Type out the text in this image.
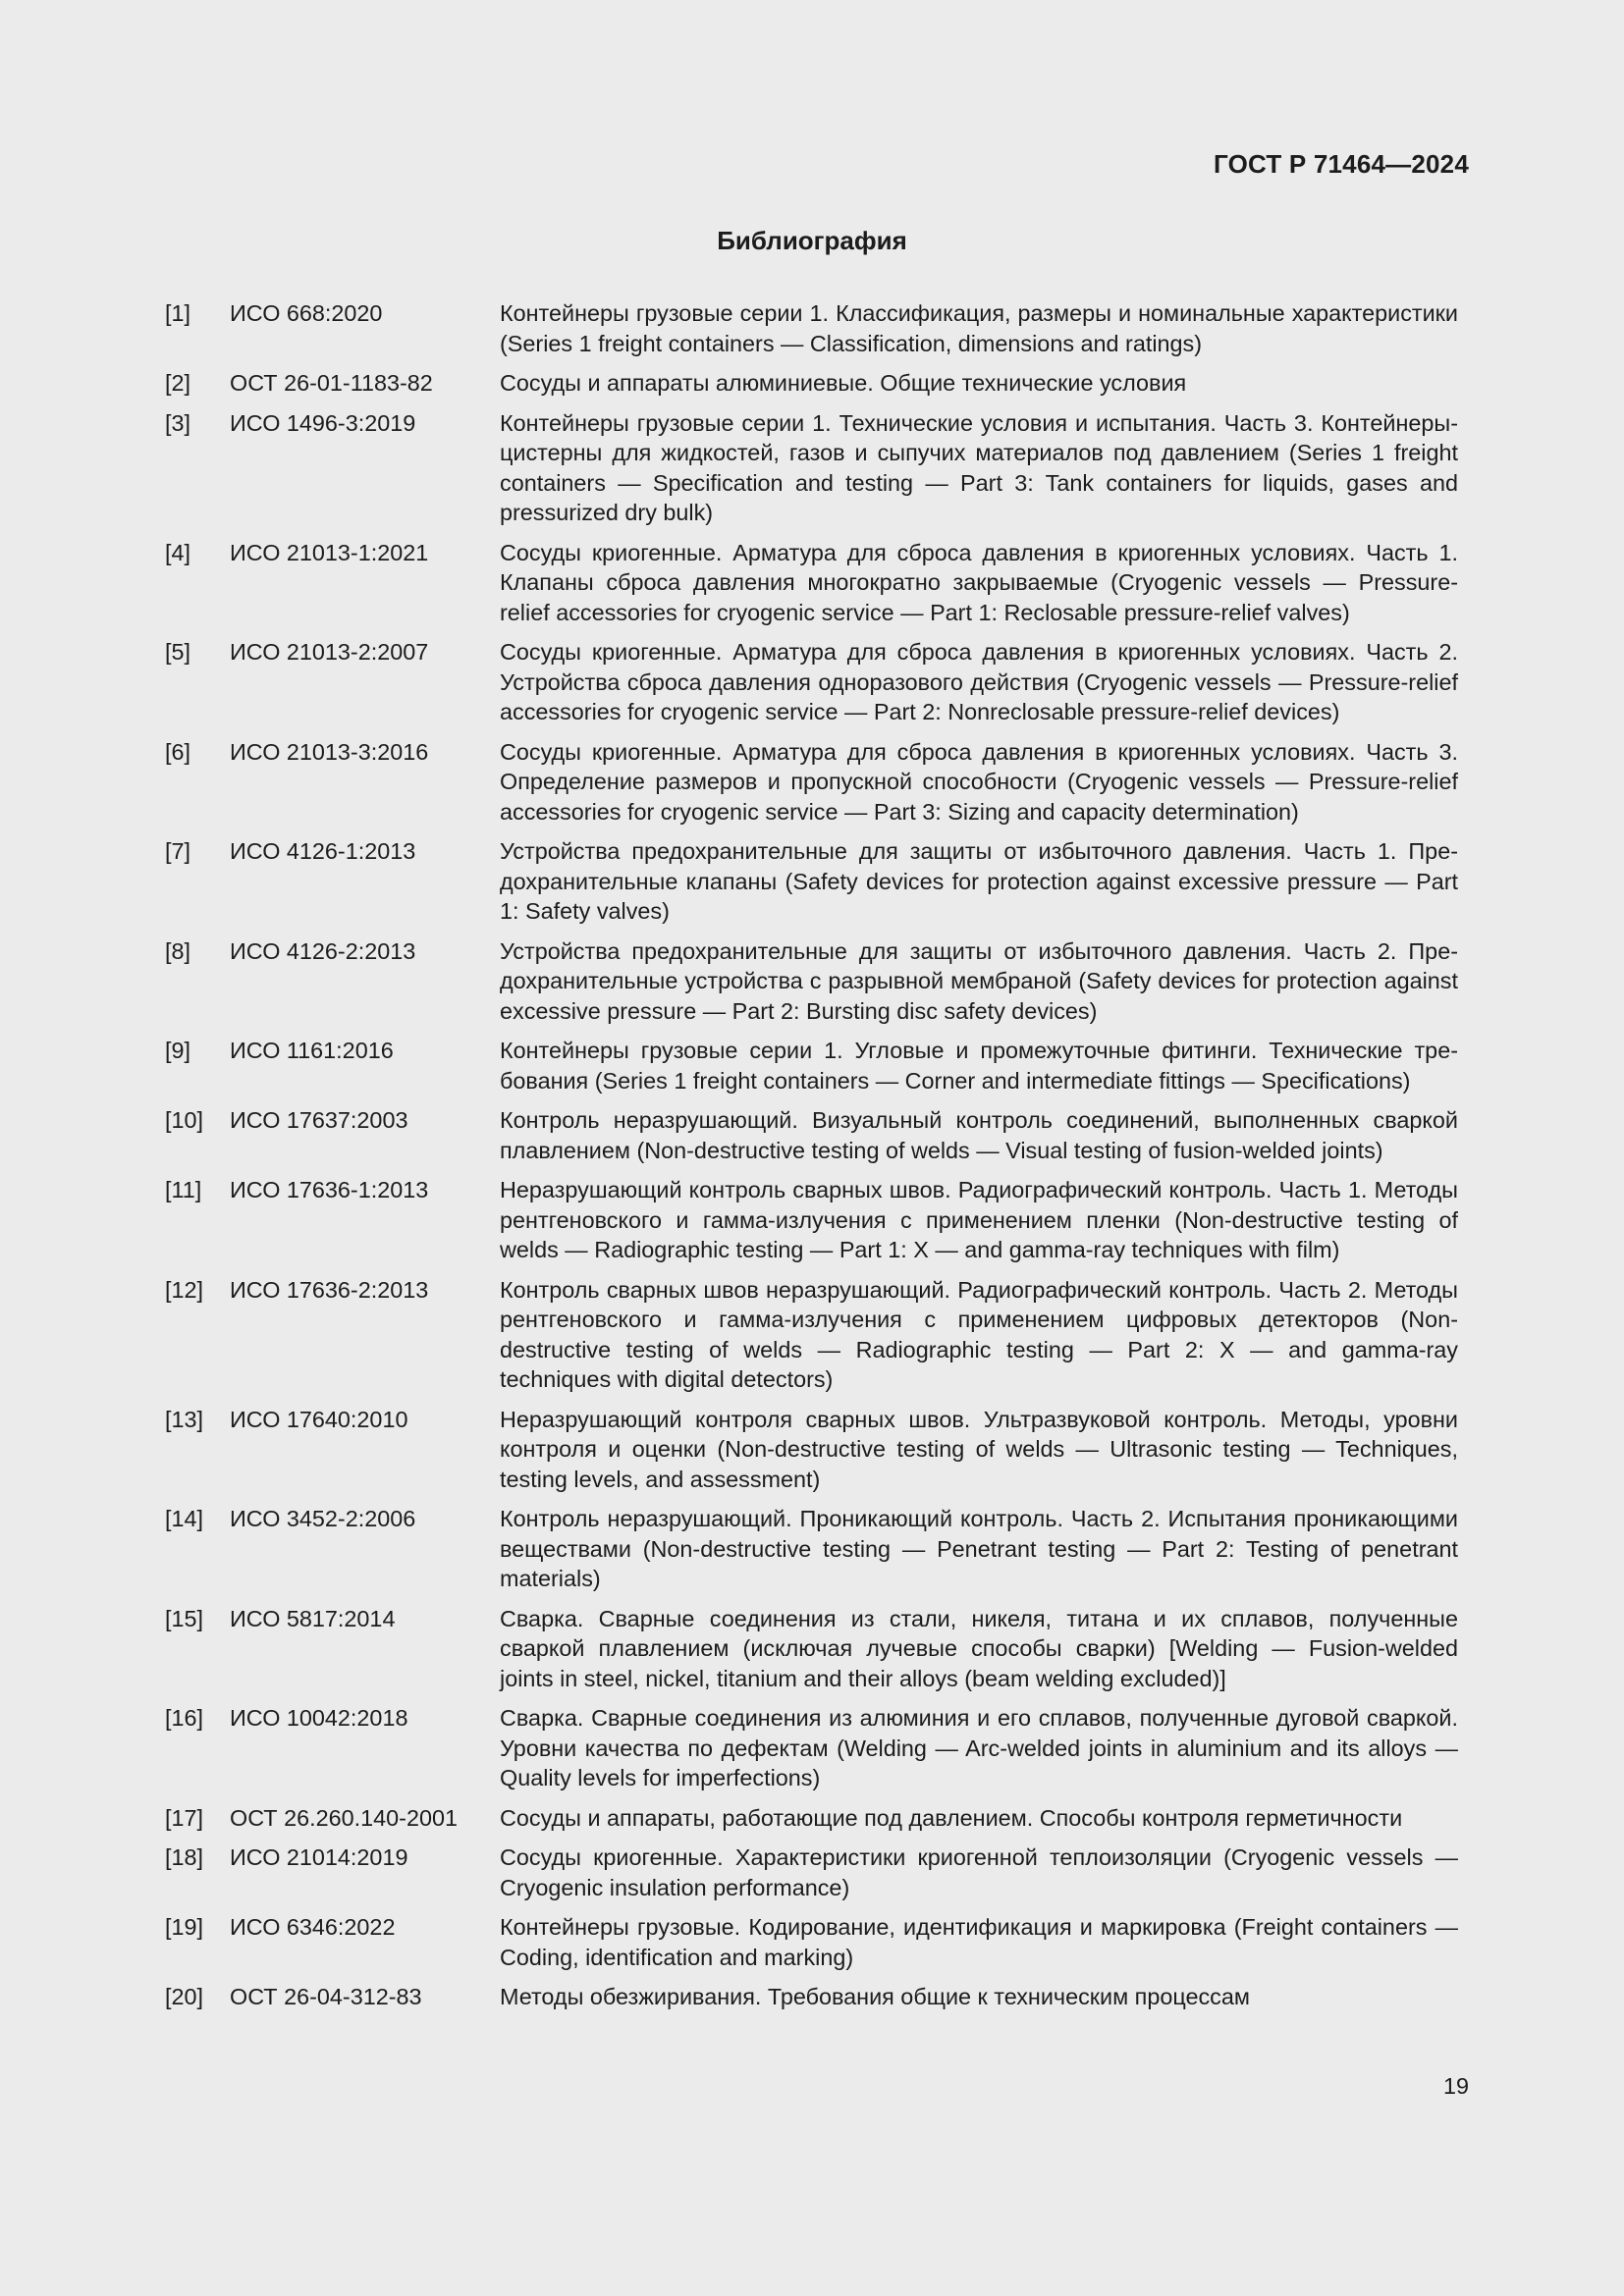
ГОСТ Р 71464—2024
Библиография
[1]	ИСО 668:2020	Контейнеры грузовые серии 1. Классификация, размеры и номинальные характеристики (Series 1 freight containers — Classification, dimensions and ratings)
[2]	ОСТ 26-01-1183-82	Сосуды и аппараты алюминиевые. Общие технические условия
[3]	ИСО 1496-3:2019	Контейнеры грузовые серии 1. Технические условия и испытания. Часть 3. Контейнеры-цистерны для жидкостей, газов и сыпучих материалов под давлением (Series 1 freight containers — Specification and testing — Part 3: Tank containers for liquids, gases and pressurized dry bulk)
[4]	ИСО 21013-1:2021	Сосуды криогенные. Арматура для сброса давления в криогенных условиях. Часть 1. Клапаны сброса давления многократно закрываемые (Cryogenic vessels — Pressure-relief accessories for cryogenic service — Part 1: Reclosable pressure-relief valves)
[5]	ИСО 21013-2:2007	Сосуды криогенные. Арматура для сброса давления в криогенных условиях. Часть 2. Устройства сброса давления одноразового действия (Cryogenic vessels — Pressure-relief accessories for cryogenic service — Part 2: Nonreclosable pressure-relief devices)
[6]	ИСО 21013-3:2016	Сосуды криогенные. Арматура для сброса давления в криогенных условиях. Часть 3. Определение размеров и пропускной способности (Cryogenic vessels — Pressure-relief accessories for cryogenic service — Part 3: Sizing and capacity determination)
[7]	ИСО 4126-1:2013	Устройства предохранительные для защиты от избыточного давления. Часть 1. Предохранительные клапаны (Safety devices for protection against excessive pressure — Part 1: Safety valves)
[8]	ИСО 4126-2:2013	Устройства предохранительные для защиты от избыточного давления. Часть 2. Предохранительные устройства с разрывной мембраной (Safety devices for protection against excessive pressure — Part 2: Bursting disc safety devices)
[9]	ИСО 1161:2016	Контейнеры грузовые серии 1. Угловые и промежуточные фитинги. Технические требования (Series 1 freight containers — Corner and intermediate fittings — Specifications)
[10]	ИСО 17637:2003	Контроль неразрушающий. Визуальный контроль соединений, выполненных сваркой плавлением (Non-destructive testing of welds — Visual testing of fusion-welded joints)
[11]	ИСО 17636-1:2013	Неразрушающий контроль сварных швов. Радиографический контроль. Часть 1. Методы рентгеновского и гамма-излучения с применением пленки (Non-destructive testing of welds — Radiographic testing — Part 1: X — and gamma-ray techniques with film)
[12]	ИСО 17636-2:2013	Контроль сварных швов неразрушающий. Радиографический контроль. Часть 2. Методы рентгеновского и гамма-излучения с применением цифровых детекторов (Non-destructive testing of welds — Radiographic testing — Part 2: X — and gamma-ray techniques with digital detectors)
[13]	ИСО 17640:2010	Неразрушающий контроля сварных швов. Ультразвуковой контроль. Методы, уровни контроля и оценки (Non-destructive testing of welds — Ultrasonic testing — Techniques, testing levels, and assessment)
[14]	ИСО 3452-2:2006	Контроль неразрушающий. Проникающий контроль. Часть 2. Испытания проникающими веществами (Non-destructive testing — Penetrant testing — Part 2: Testing of penetrant materials)
[15]	ИСО 5817:2014	Сварка. Сварные соединения из стали, никеля, титана и их сплавов, полученные сваркой плавлением (исключая лучевые способы сварки) [Welding — Fusion-welded joints in steel, nickel, titanium and their alloys (beam welding excluded)]
[16]	ИСО 10042:2018	Сварка. Сварные соединения из алюминия и его сплавов, полученные дуговой сваркой. Уровни качества по дефектам (Welding — Arc-welded joints in aluminium and its alloys — Quality levels for imperfections)
[17]	ОСТ 26.260.140-2001	Сосуды и аппараты, работающие под давлением. Способы контроля герметичности
[18]	ИСО 21014:2019	Сосуды криогенные. Характеристики криогенной теплоизоляции (Cryogenic vessels — Cryogenic insulation performance)
[19]	ИСО 6346:2022	Контейнеры грузовые. Кодирование, идентификация и маркировка (Freight containers — Coding, identification and marking)
[20]	ОСТ 26-04-312-83	Методы обезжиривания. Требования общие к техническим процессам
19
